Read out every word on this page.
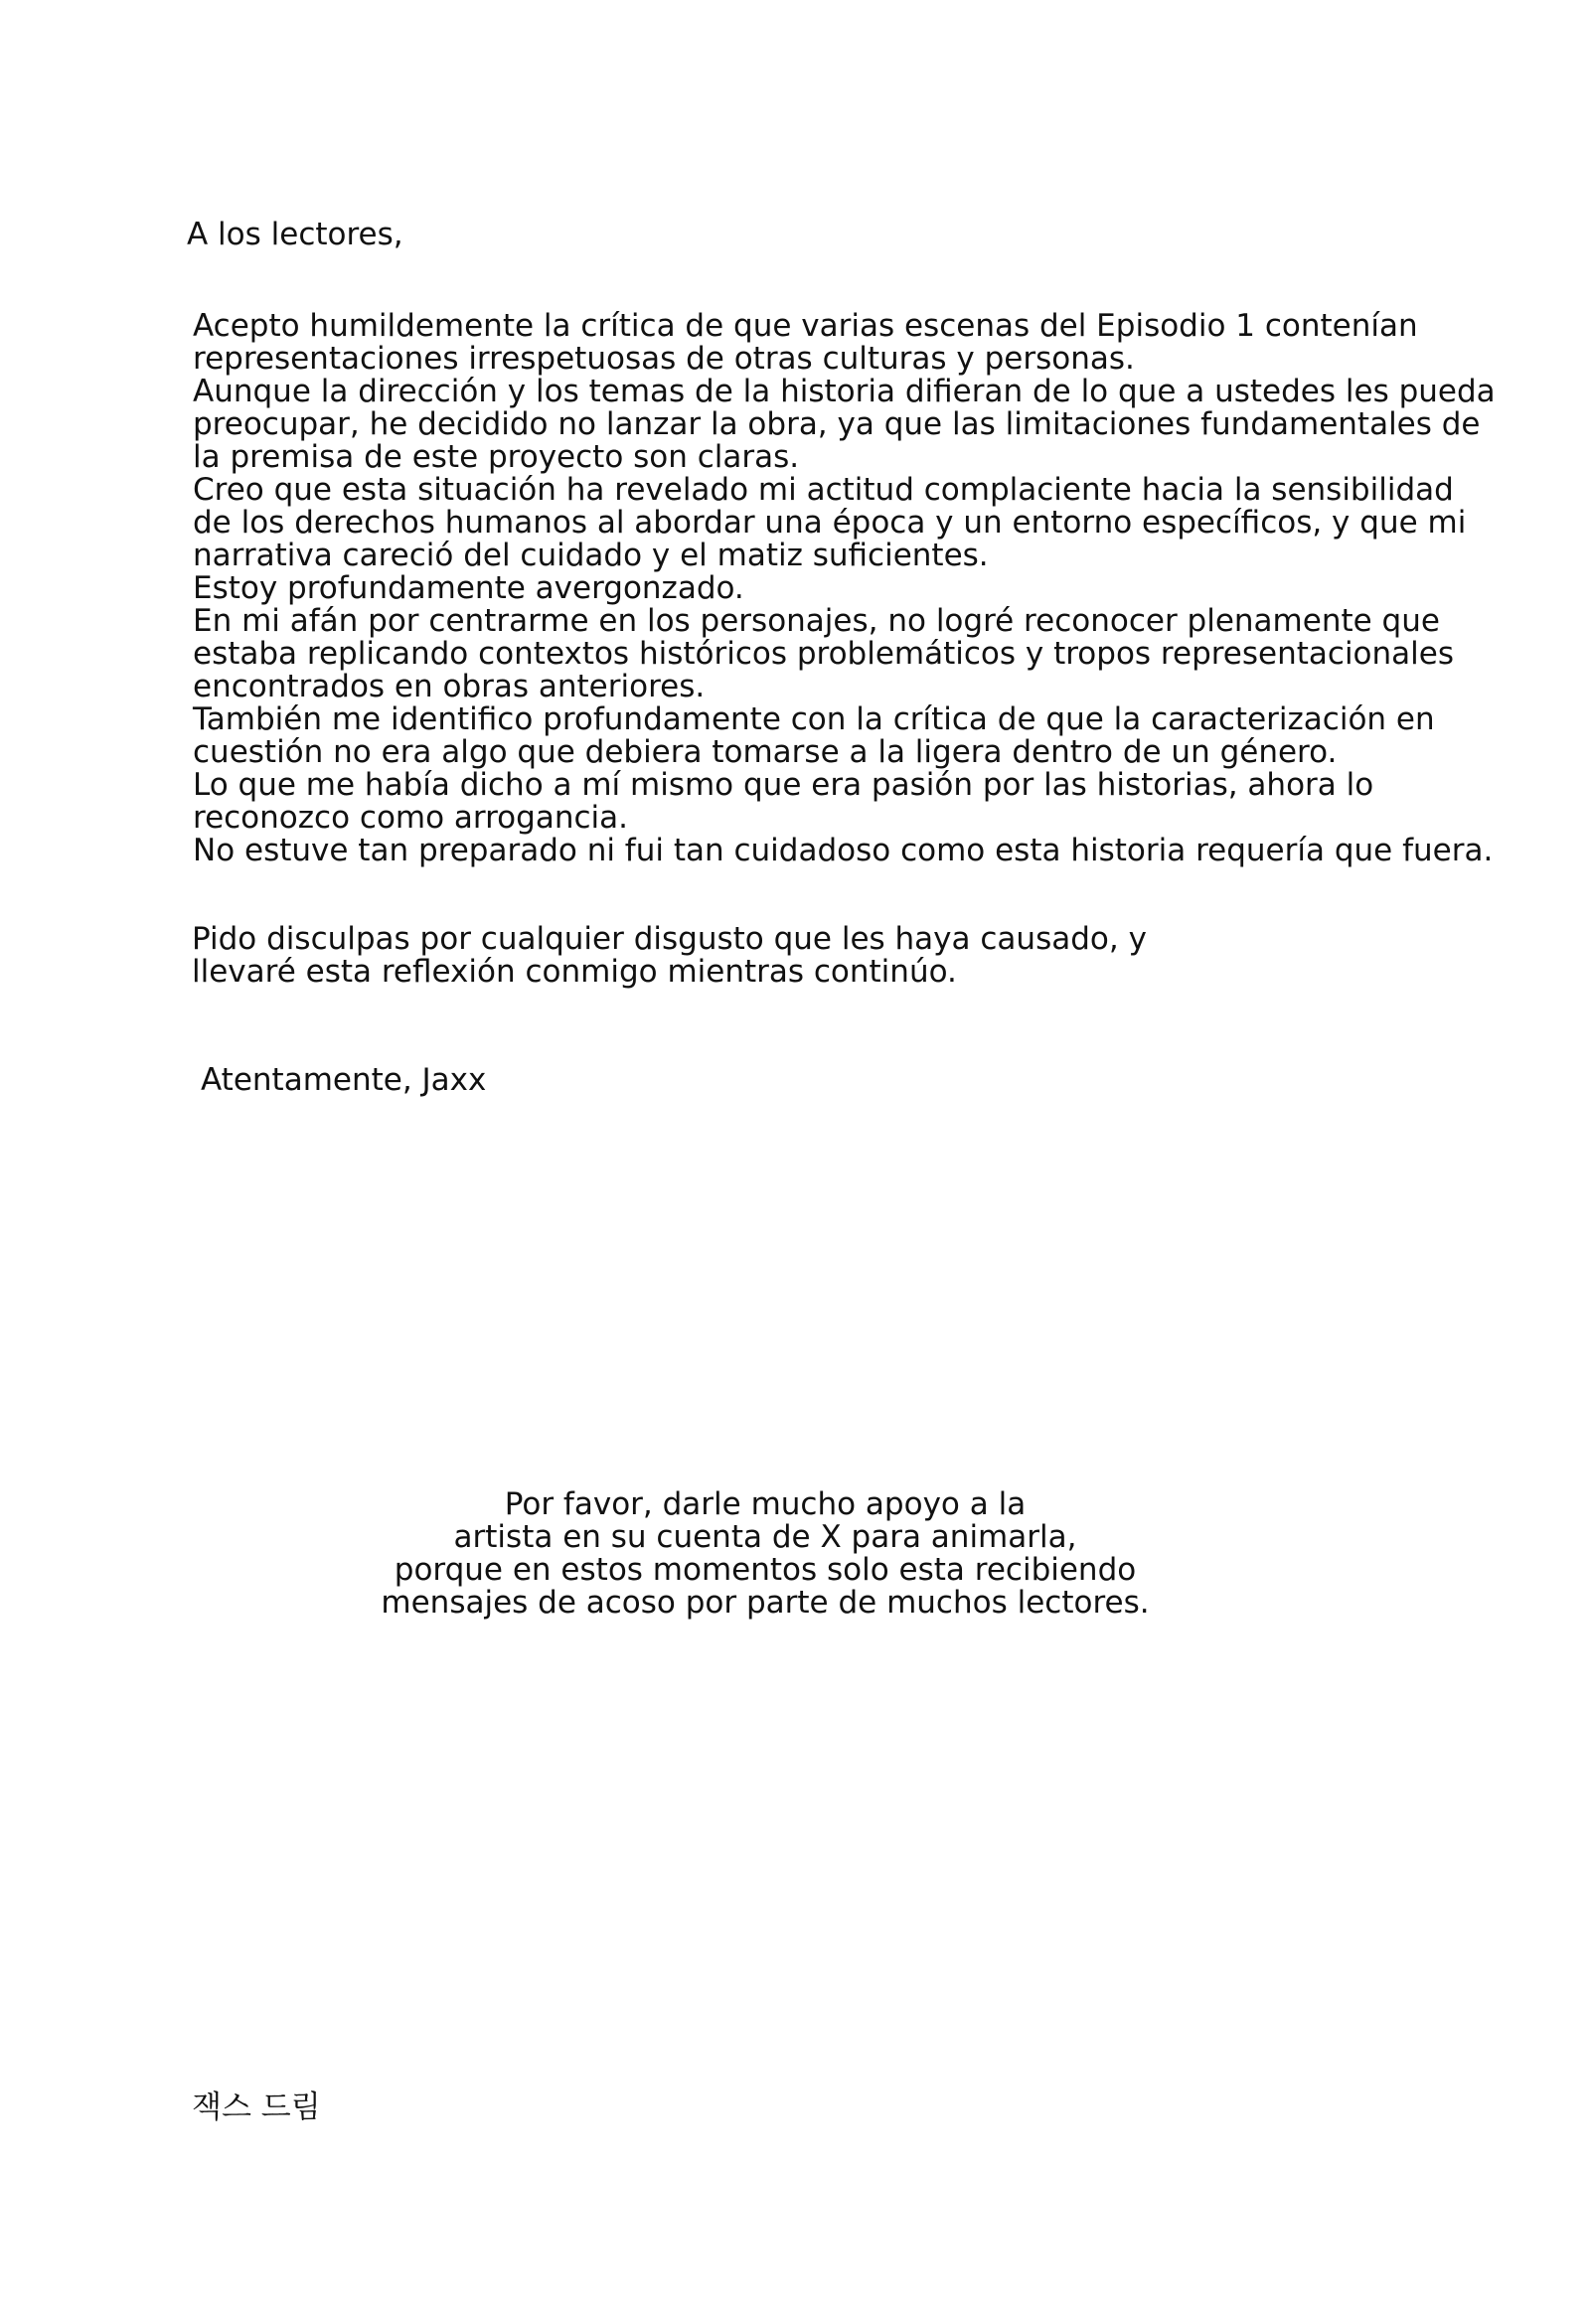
A los lectores,

Acepto humildemente la crítica de que varias escenas del Episodio 1 contenían
representaciones irrespetuosas de otras culturas y personas.
Aunque la dirección y los temas de la historia difieran de lo que a ustedes les pueda
preocupar, he decidido no lanzar la obra, ya que las limitaciones fundamentales de
la premisa de este proyecto son claras.
Creo que esta situación ha revelado mi actitud complaciente hacia la sensibilidad
de los derechos humanos al abordar una época y un entorno específicos, y que mi
narrativa careció del cuidado y el matiz suficientes.
Estoy profundamente avergonzado.
En mi afán por centrarme en los personajes, no logré reconocer plenamente que
estaba replicando contextos históricos problemáticos y tropos representacionales
encontrados en obras anteriores.
También me identifico profundamente con la crítica de que la caracterización en
cuestión no era algo que debiera tomarse a la ligera dentro de un género.
Lo que me había dicho a mí mismo que era pasión por las historias, ahora lo
reconozco como arrogancia.
No estuve tan preparado ni fui tan cuidadoso como esta historia requería que fuera.
Pido disculpas por cualquier disgusto que les haya causado, y
llevaré esta reflexión conmigo mientras continúo.

Atentamente, Jaxx

Por favor, darle mucho apoyo a la
artista en su cuenta de X para animarla,
porque en estos momentos solo esta recibiendo
mensajes de acoso por parte de muchos lectores.

잭스 드림
